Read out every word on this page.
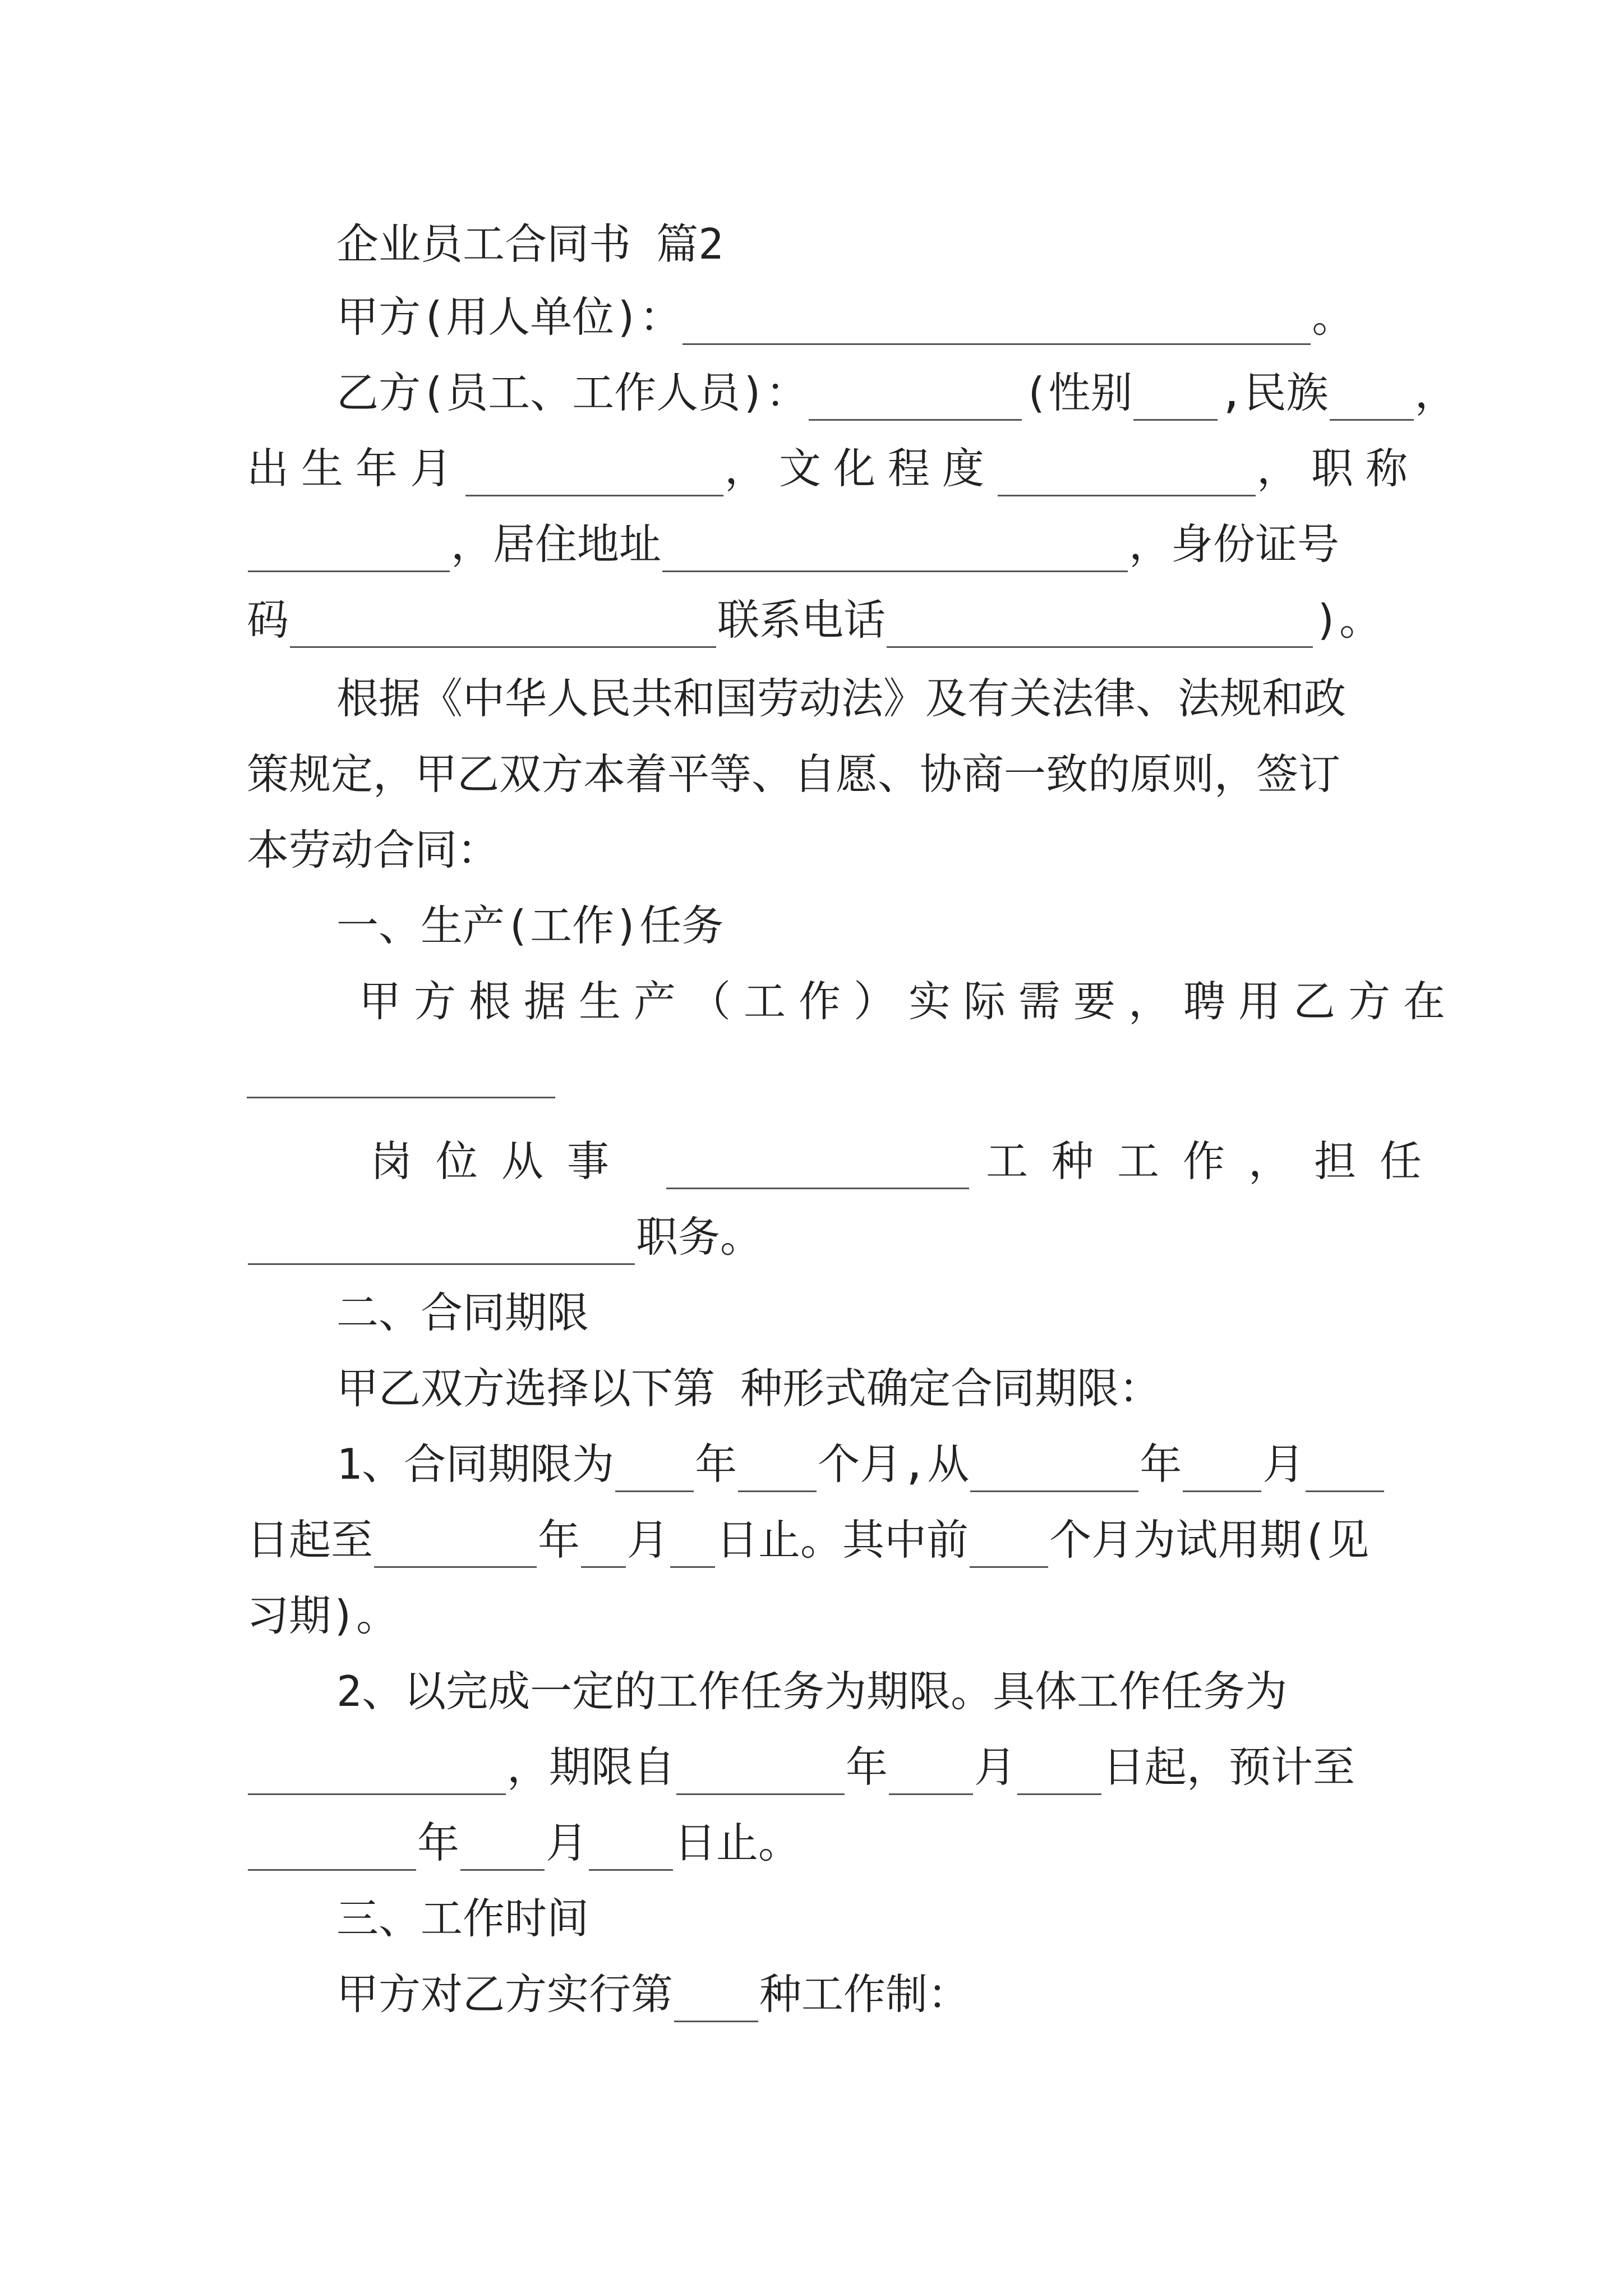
企业员工合同书 篇2
甲方(用人单位)：	。
乙方(员工、工作人员)：	(性别 ,民族 ，
出生年月	，文化程度	，职称
，居住地址	，身份证号
码	联系电话	)。
根据《中华人民共和国劳动法》及有关法律、法规和政
策规定，甲乙双方本着平等、自愿、协商一致的原则，签订
本劳动合同：
一、生产(工作)任务
甲方根据生产（工作）实际需要，聘用乙方在
岗位从事	工种工作，担任
职务。
二、合同期限
甲乙双方选择以下第 种形式确定合同期限：
1、合同期限为 年 个月,从	年 月
日起至	年 月 日止。其中前 个月为试用期(见
习期)。
2、以完成一定的工作任务为期限。具体工作任务为
，期限自	年 月 日起，预计至
年 月 日止。
三、工作时间
甲方对乙方实行第 种工作制：
